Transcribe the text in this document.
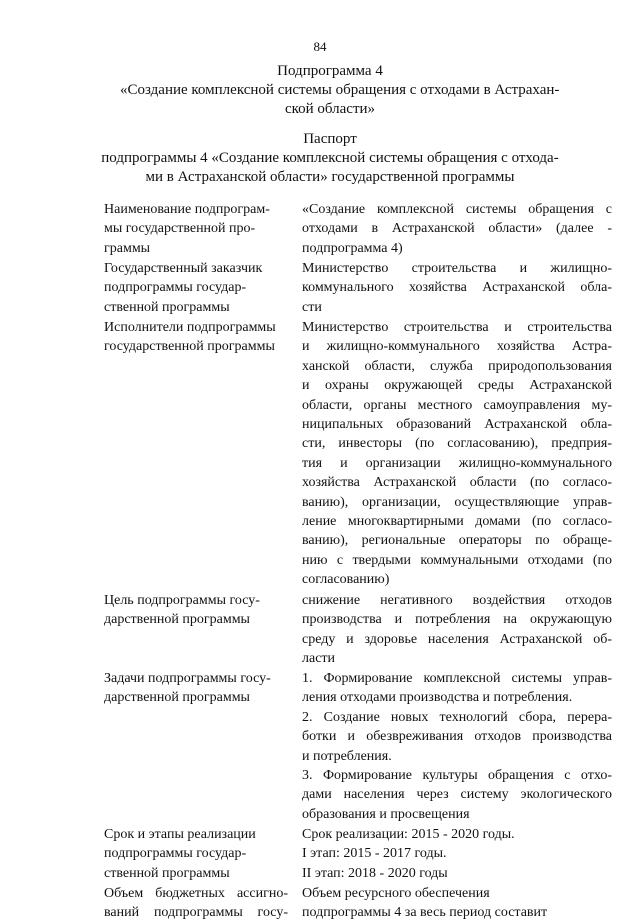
84
Подпрограмма 4
«Создание комплексной системы обращения с отходами в Астрахан-
ской области»
Паспорт
подпрограммы 4 «Создание комплексной системы обращения с отхода-
ми в Астраханской области» государственной программы
Наименование подпрограм-
мы государственной про-
граммы
«Создание комплексной системы обращения с
отходами в Астраханской области» (далее -
подпрограмма 4)
Государственный заказчик
подпрограммы государ-
ственной программы
Министерство строительства и жилищно-
коммунального хозяйства Астраханской обла-
сти
Исполнители подпрограммы
государственной программы
Министерство строительства и строительства
и жилищно-коммунального хозяйства Астра-
ханской области, служба природопользования
и охраны окружающей среды Астраханской
области, органы местного самоуправления му-
ниципальных образований Астраханской обла-
сти, инвесторы (по согласованию), предприя-
тия и организации жилищно-коммунального
хозяйства Астраханской области (по согласо-
ванию), организации, осуществляющие управ-
ление многоквартирными домами (по согласо-
ванию), региональные операторы по обраще-
нию с твердыми коммунальными отходами (по
согласованию)
Цель подпрограммы госу-
дарственной программы
снижение негативного воздействия отходов
производства и потребления на окружающую
среду и здоровье населения Астраханской об-
ласти
Задачи подпрограммы госу-
дарственной программы
1. Формирование комплексной системы управ-
ления отходами производства и потребления.
2. Создание новых технологий сбора, перера-
ботки и обезвреживания отходов производства
и потребления.
3. Формирование культуры обращения с отхо-
дами населения через систему экологического
образования и просвещения
Срок и этапы реализации
подпрограммы государ-
ственной программы
Срок реализации: 2015 - 2020 годы.
I этап: 2015 - 2017 годы.
II этап: 2018 - 2020 годы
Объем бюджетных ассигно-
ваний подпрограммы госу-
Объем ресурсного обеспечения
подпрограммы 4 за весь период составит
